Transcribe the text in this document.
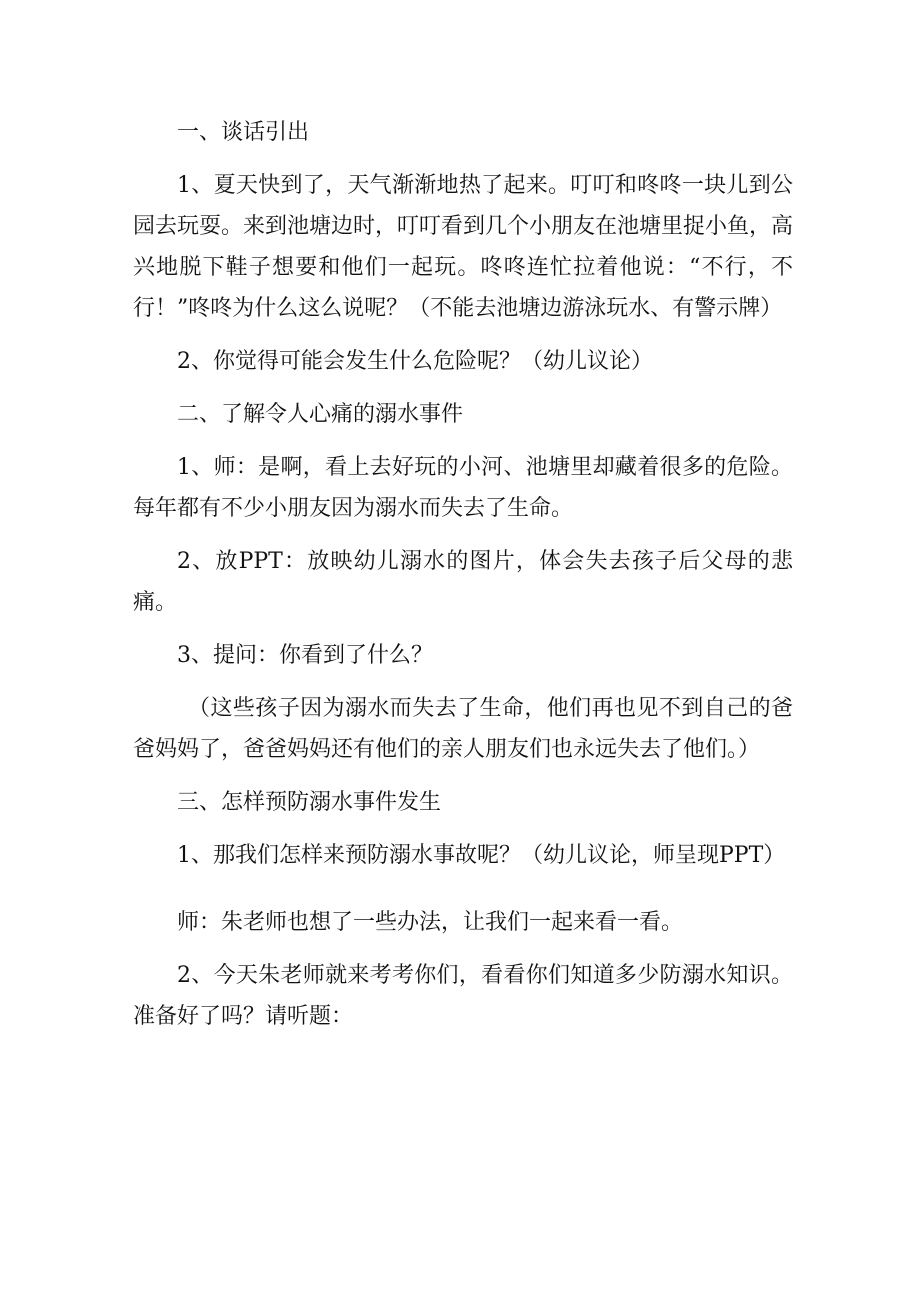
一、谈话引出

1、夏天快到了，天气渐渐地热了起来。叮叮和咚咚一块儿到公园去玩耍。来到池塘边时，叮叮看到几个小朋友在池塘里捉小鱼，高兴地脱下鞋子想要和他们一起玩。咚咚连忙拉着他说：“不行，不行！”咚咚为什么这么说呢？（不能去池塘边游泳玩水、有警示牌）

2、你觉得可能会发生什么危险呢？（幼儿议论）

二、了解令人心痛的溺水事件

1、师：是啊，看上去好玩的小河、池塘里却藏着很多的危险。每年都有不少小朋友因为溺水而失去了生命。

2、放PPT：放映幼儿溺水的图片，体会失去孩子后父母的悲痛。

3、提问：你看到了什么？

（这些孩子因为溺水而失去了生命，他们再也见不到自己的爸爸妈妈了，爸爸妈妈还有他们的亲人朋友们也永远失去了他们。）

三、怎样预防溺水事件发生

1、那我们怎样来预防溺水事故呢？（幼儿议论，师呈现PPT）

师：朱老师也想了一些办法，让我们一起来看一看。

2、今天朱老师就来考考你们，看看你们知道多少防溺水知识。准备好了吗？请听题：
